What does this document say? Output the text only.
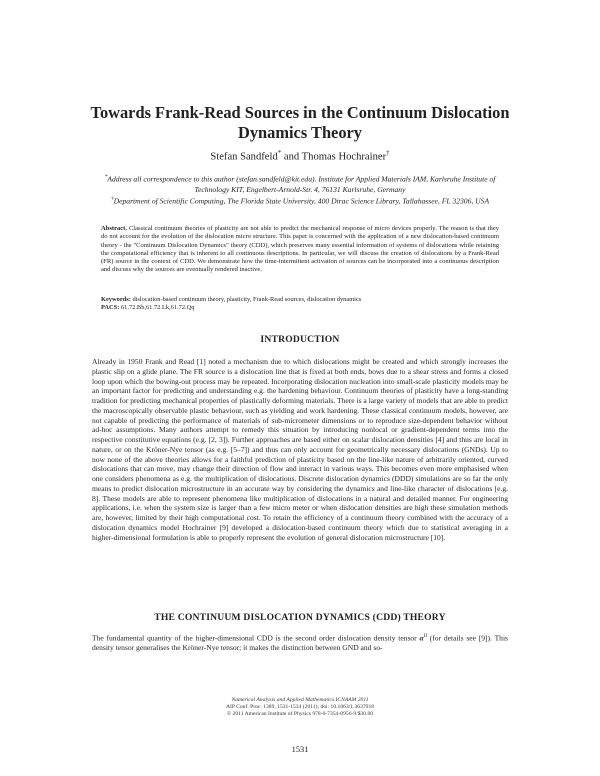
Towards Frank-Read Sources in the Continuum Dislocation Dynamics Theory
Stefan Sandfeld* and Thomas Hochrainer†
*Address all correspondence to this author (stefan.sandfeld@kit.edu). Institute for Applied Materials IAM, Karlsruhe Institute of Technology KIT, Engelbert-Arnold-Str. 4, 76131 Karlsruhe, Germany
†Department of Scientific Computing, The Florida State University, 400 Dirac Science Library, Tallahassee, FL 32306, USA
Abstract. Classical continuum theories of plasticity are not able to predict the mechanical response of micro devices properly. The reason is that they do not account for the evolution of the dislocation micro structure. This paper is concerned with the application of a new dislocation-based continuum theory - the "Continuum Dislocation Dynamics" theory (CDD), which preserves many essential information of systems of dislocations while retaining the computational efficiency that is inherent to all continuous descriptions. In particular, we will discuss the creation of dislocations by a Frank-Read (FR) source in the context of CDD. We demonstrate how the time-intermittent activation of sources can be incorporated into a continuous description and discuss why the sources are eventually rendered inactive.
Keywords: dislocation-based continuum theory, plasticity, Frank-Read sources, dislocation dynamics
PACS: 61.72.Bb,61.72.Lk,61.72.Qq
INTRODUCTION
Already in 1950 Frank and Read [1] noted a mechanism due to which dislocations might be created and which strongly increases the plastic slip on a glide plane. The FR source is a dislocation line that is fixed at both ends, bows due to a shear stress and forms a closed loop upon which the bowing-out process may be repeated. Incorporating dislocation nucleation into small-scale plasticity models may be an important factor for predicting and understanding e.g. the hardening behaviour. Continuum theories of plasticity have a long-standing tradition for predicting mechanical properties of plastically deforming materials. There is a large variety of models that are able to predict the macroscopically observable plastic behaviour, such as yielding and work hardening. These classical continuum models, however, are not capable of predicting the performance of materials of sub-micrometer dimensions or to reproduce size-dependent behavior without ad-hoc assumptions. Many authors attempt to remedy this situation by introducing nonlocal or gradient-dependent terms into the respective constitutive equations (e.g. [2, 3]). Further approaches are based either on scalar dislocation densities [4] and thus are local in nature, or on the Kröner-Nye tensor (as e.g. [5–7]) and thus can only account for geometrically necessary dislocations (GNDs). Up to now none of the above theories allows for a faithful prediction of plasticity based on the line-like nature of arbitrarily oriented, curved dislocations that can move, may change their direction of flow and interact in various ways. This becomes even more emphasised when one considers phenomena as e.g. the multiplication of dislocations. Discrete dislocation dynamics (DDD) simulations are so far the only means to predict dislocation microstructure in an accurate way by considering the dynamics and line-like character of dislocations [e.g. 8]. These models are able to represent phenomena like multiplication of dislocations in a natural and detailed manner. For engineering applications, i.e. when the system size is larger than a few micro meter or when dislocation densities are high these simulation methods are, however, limited by their high computational cost. To retain the efficiency of a continuum theory combined with the accuracy of a dislocation dynamics model Hochrainer [9] developed a dislocation-based continuum theory which due to statistical averaging in a higher-dimensional formulation is able to properly represent the evolution of general dislocation microstructure [10].
THE CONTINUUM DISLOCATION DYNAMICS (CDD) THEORY
The fundamental quantity of the higher-dimensional CDD is the second order dislocation density tensor $\alpha^{II}$ (for details see [9]). This density tensor generalises the Kröner-Nye tensor; it makes the distinction between GND and so-
Numerical Analysis and Applied Mathematics ICNAAM 2011
AIP Conf. Proc. 1389, 1531-1534 (2011); doi: 10.1063/1.3637918
© 2011 American Institute of Physics 978-0-7354-0956-9/$30.00
1531
